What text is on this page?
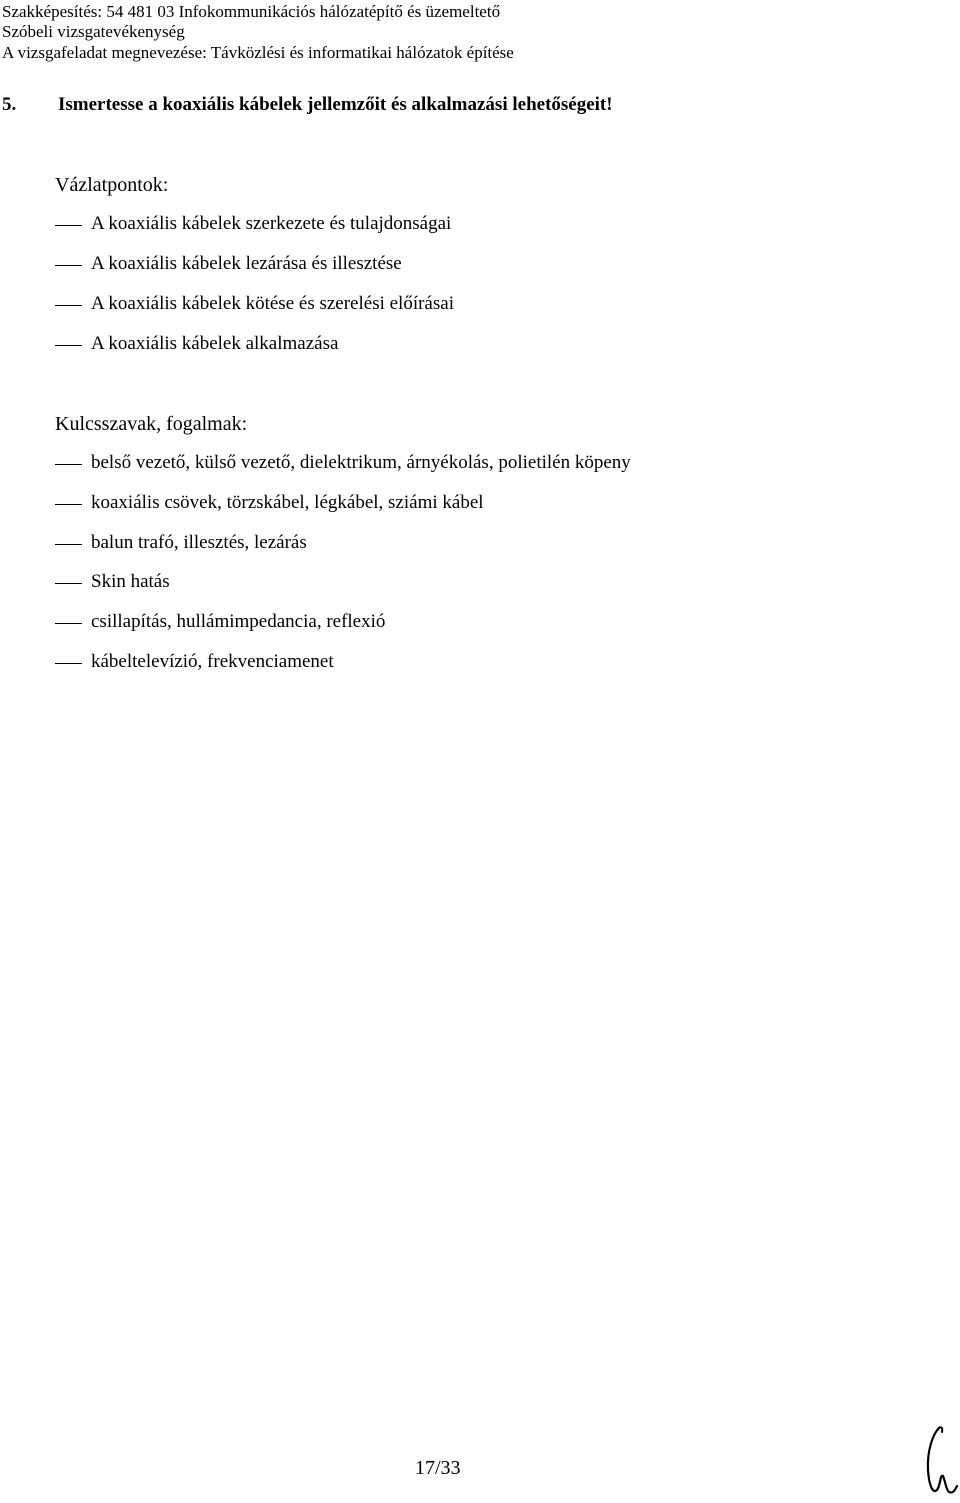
Szakképesítés: 54 481 03 Infokommunikációs hálózatépítő és üzemeltető
Szóbeli vizsgatevékenység
A vizsgafeladat megnevezése: Távközlési és informatikai hálózatok építése
5. Ismertesse a koaxiális kábelek jellemzőit és alkalmazási lehetőségeit!
Vázlatpontok:
A koaxiális kábelek szerkezete és tulajdonságai
A koaxiális kábelek lezárása és illesztése
A koaxiális kábelek kötése és szerelési előírásai
A koaxiális kábelek alkalmazása
Kulcsszavak, fogalmak:
belső vezető, külső vezető, dielektrikum, árnyékolás, polietilén köpeny
koaxiális csövek, törzskábel, légkábel, sziámi kábel
balun trafó, illesztés, lezárás
Skin hatás
csillapítás, hullámimpedancia, reflexió
kábeltelevízió, frekvenciamenet
17/33
